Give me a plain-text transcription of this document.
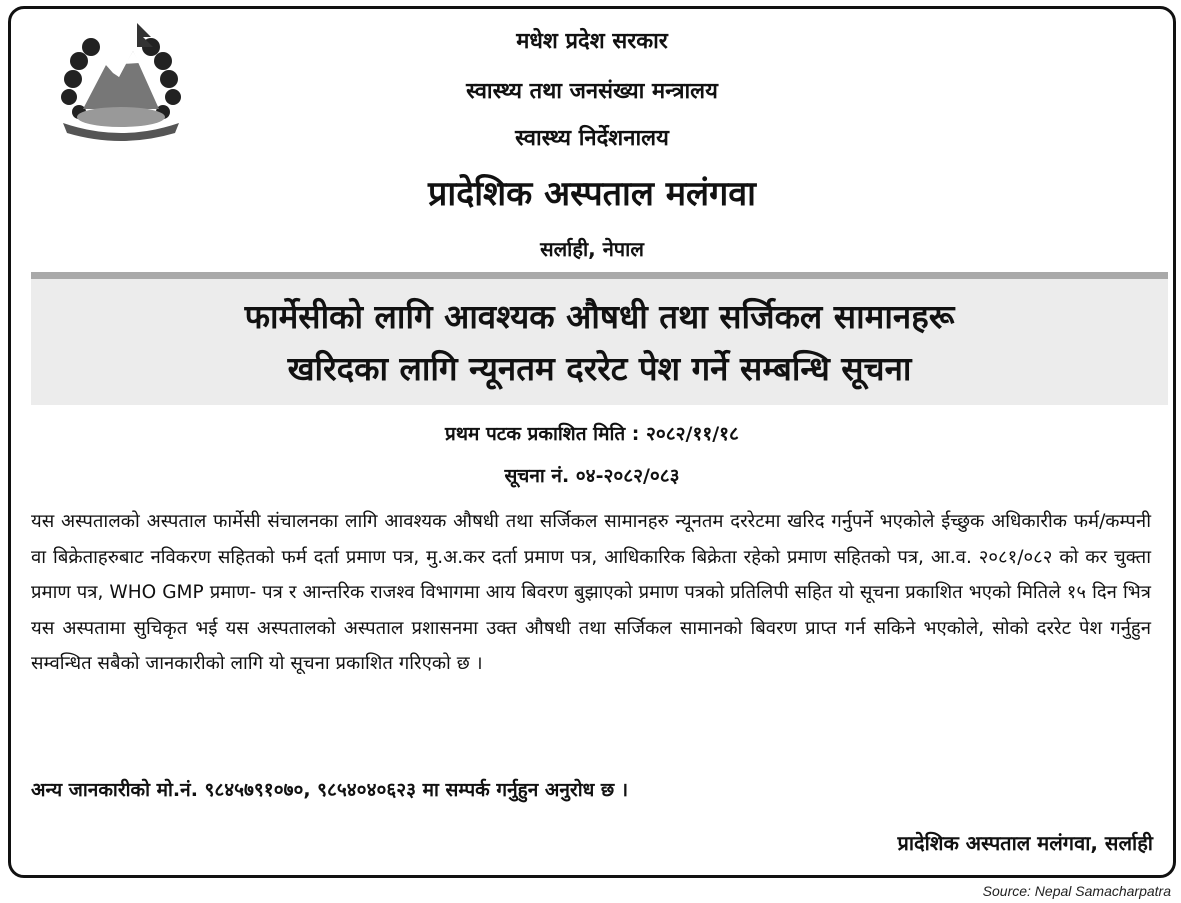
मधेश प्रदेश सरकार
स्वास्थ्य तथा जनसंख्या मन्त्रालय
स्वास्थ्य निर्देशनालय
प्रादेशिक अस्पताल मलंगवा
सर्लाही, नेपाल
फार्मेसीको लागि आवश्यक औषधी तथा सर्जिकल सामानहरू
खरिदका लागि न्यूनतम दररेट पेश गर्ने सम्बन्धि सूचना
प्रथम पटक प्रकाशित मिति : २०८२/११/१८
सूचना नं. ०४-२०८२/०८३
यस अस्पतालको अस्पताल फार्मेसी संचालनका लागि आवश्यक औषधी तथा सर्जिकल सामानहरु न्यूनतम दररेटमा खरिद गर्नुपर्ने भएकोले ईच्छुक अधिकारीक फर्म/कम्पनी वा बिक्रेताहरुबाट नविकरण सहितको फर्म दर्ता प्रमाण पत्र, मु.अ.कर दर्ता प्रमाण पत्र, आधिकारिक बिक्रेता रहेको प्रमाण सहितको पत्र, आ.व. २०८१/०८२ को कर चुक्ता प्रमाण पत्र, WHO GMP प्रमाण- पत्र र आन्तरिक राजश्व विभागमा आय बिवरण बुझाएको प्रमाण पत्रको प्रतिलिपी सहित यो सूचना प्रकाशित भएको मितिले १५ दिन भित्र यस अस्पतामा सुचिकृत भई यस अस्पतालको अस्पताल प्रशासनमा उक्त औषधी तथा सर्जिकल सामानको बिवरण प्राप्त गर्न सकिने भएकोले, सोको दररेट पेश गर्नुहुन सम्वन्धित सबैको जानकारीको लागि यो सूचना प्रकाशित गरिएको छ ।
अन्य जानकारीको मो.नं. ९८४५७९१०७०, ९८५४०४०६२३ मा सम्पर्क गर्नुहुन अनुरोध छ ।
प्रादेशिक अस्पताल मलंगवा, सर्लाही
Source: Nepal Samacharpatra
